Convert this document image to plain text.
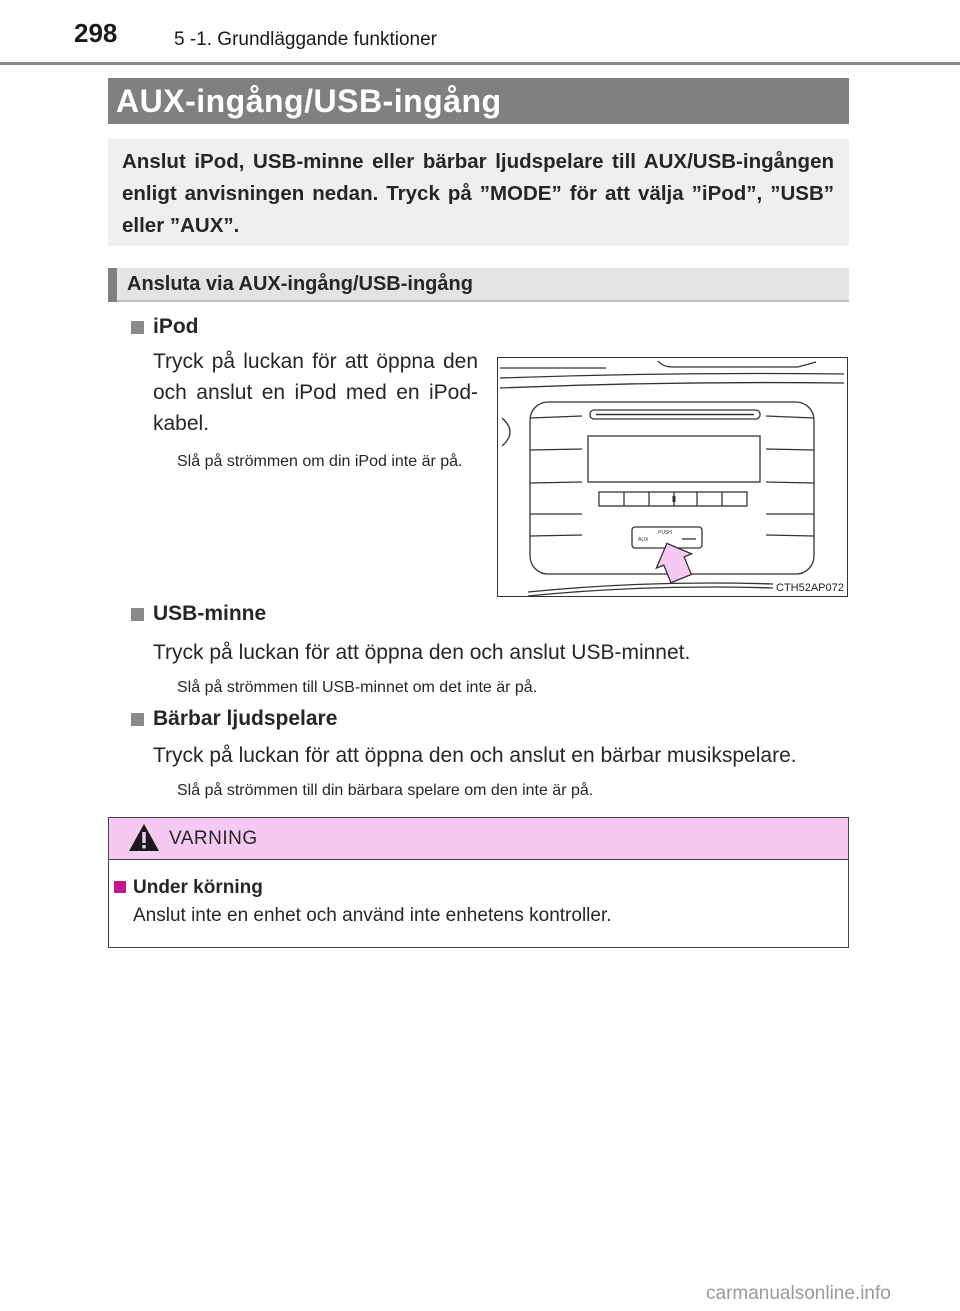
298	5 -1. Grundläggande funktioner
AUX-ingång/USB-ingång
Anslut iPod, USB-minne eller bärbar ljudspelare till AUX/USB-ingången enligt anvisningen nedan. Tryck på ”MODE” för att välja ”iPod”, ”USB” eller ”AUX”.
Ansluta via AUX-ingång/USB-ingång
iPod
Tryck på luckan för att öppna den och anslut en iPod med en iPod-kabel.
Slå på strömmen om din iPod inte är på.
PUSH
AUX
CTH52AP072
USB-minne
Tryck på luckan för att öppna den och anslut USB-minnet.
Slå på strömmen till USB-minnet om det inte är på.
Bärbar ljudspelare
Tryck på luckan för att öppna den och anslut en bärbar musikspelare.
Slå på strömmen till din bärbara spelare om den inte är på.
VARNING
Under körning
Anslut inte en enhet och använd inte enhetens kontroller.
carmanualsonline.info
